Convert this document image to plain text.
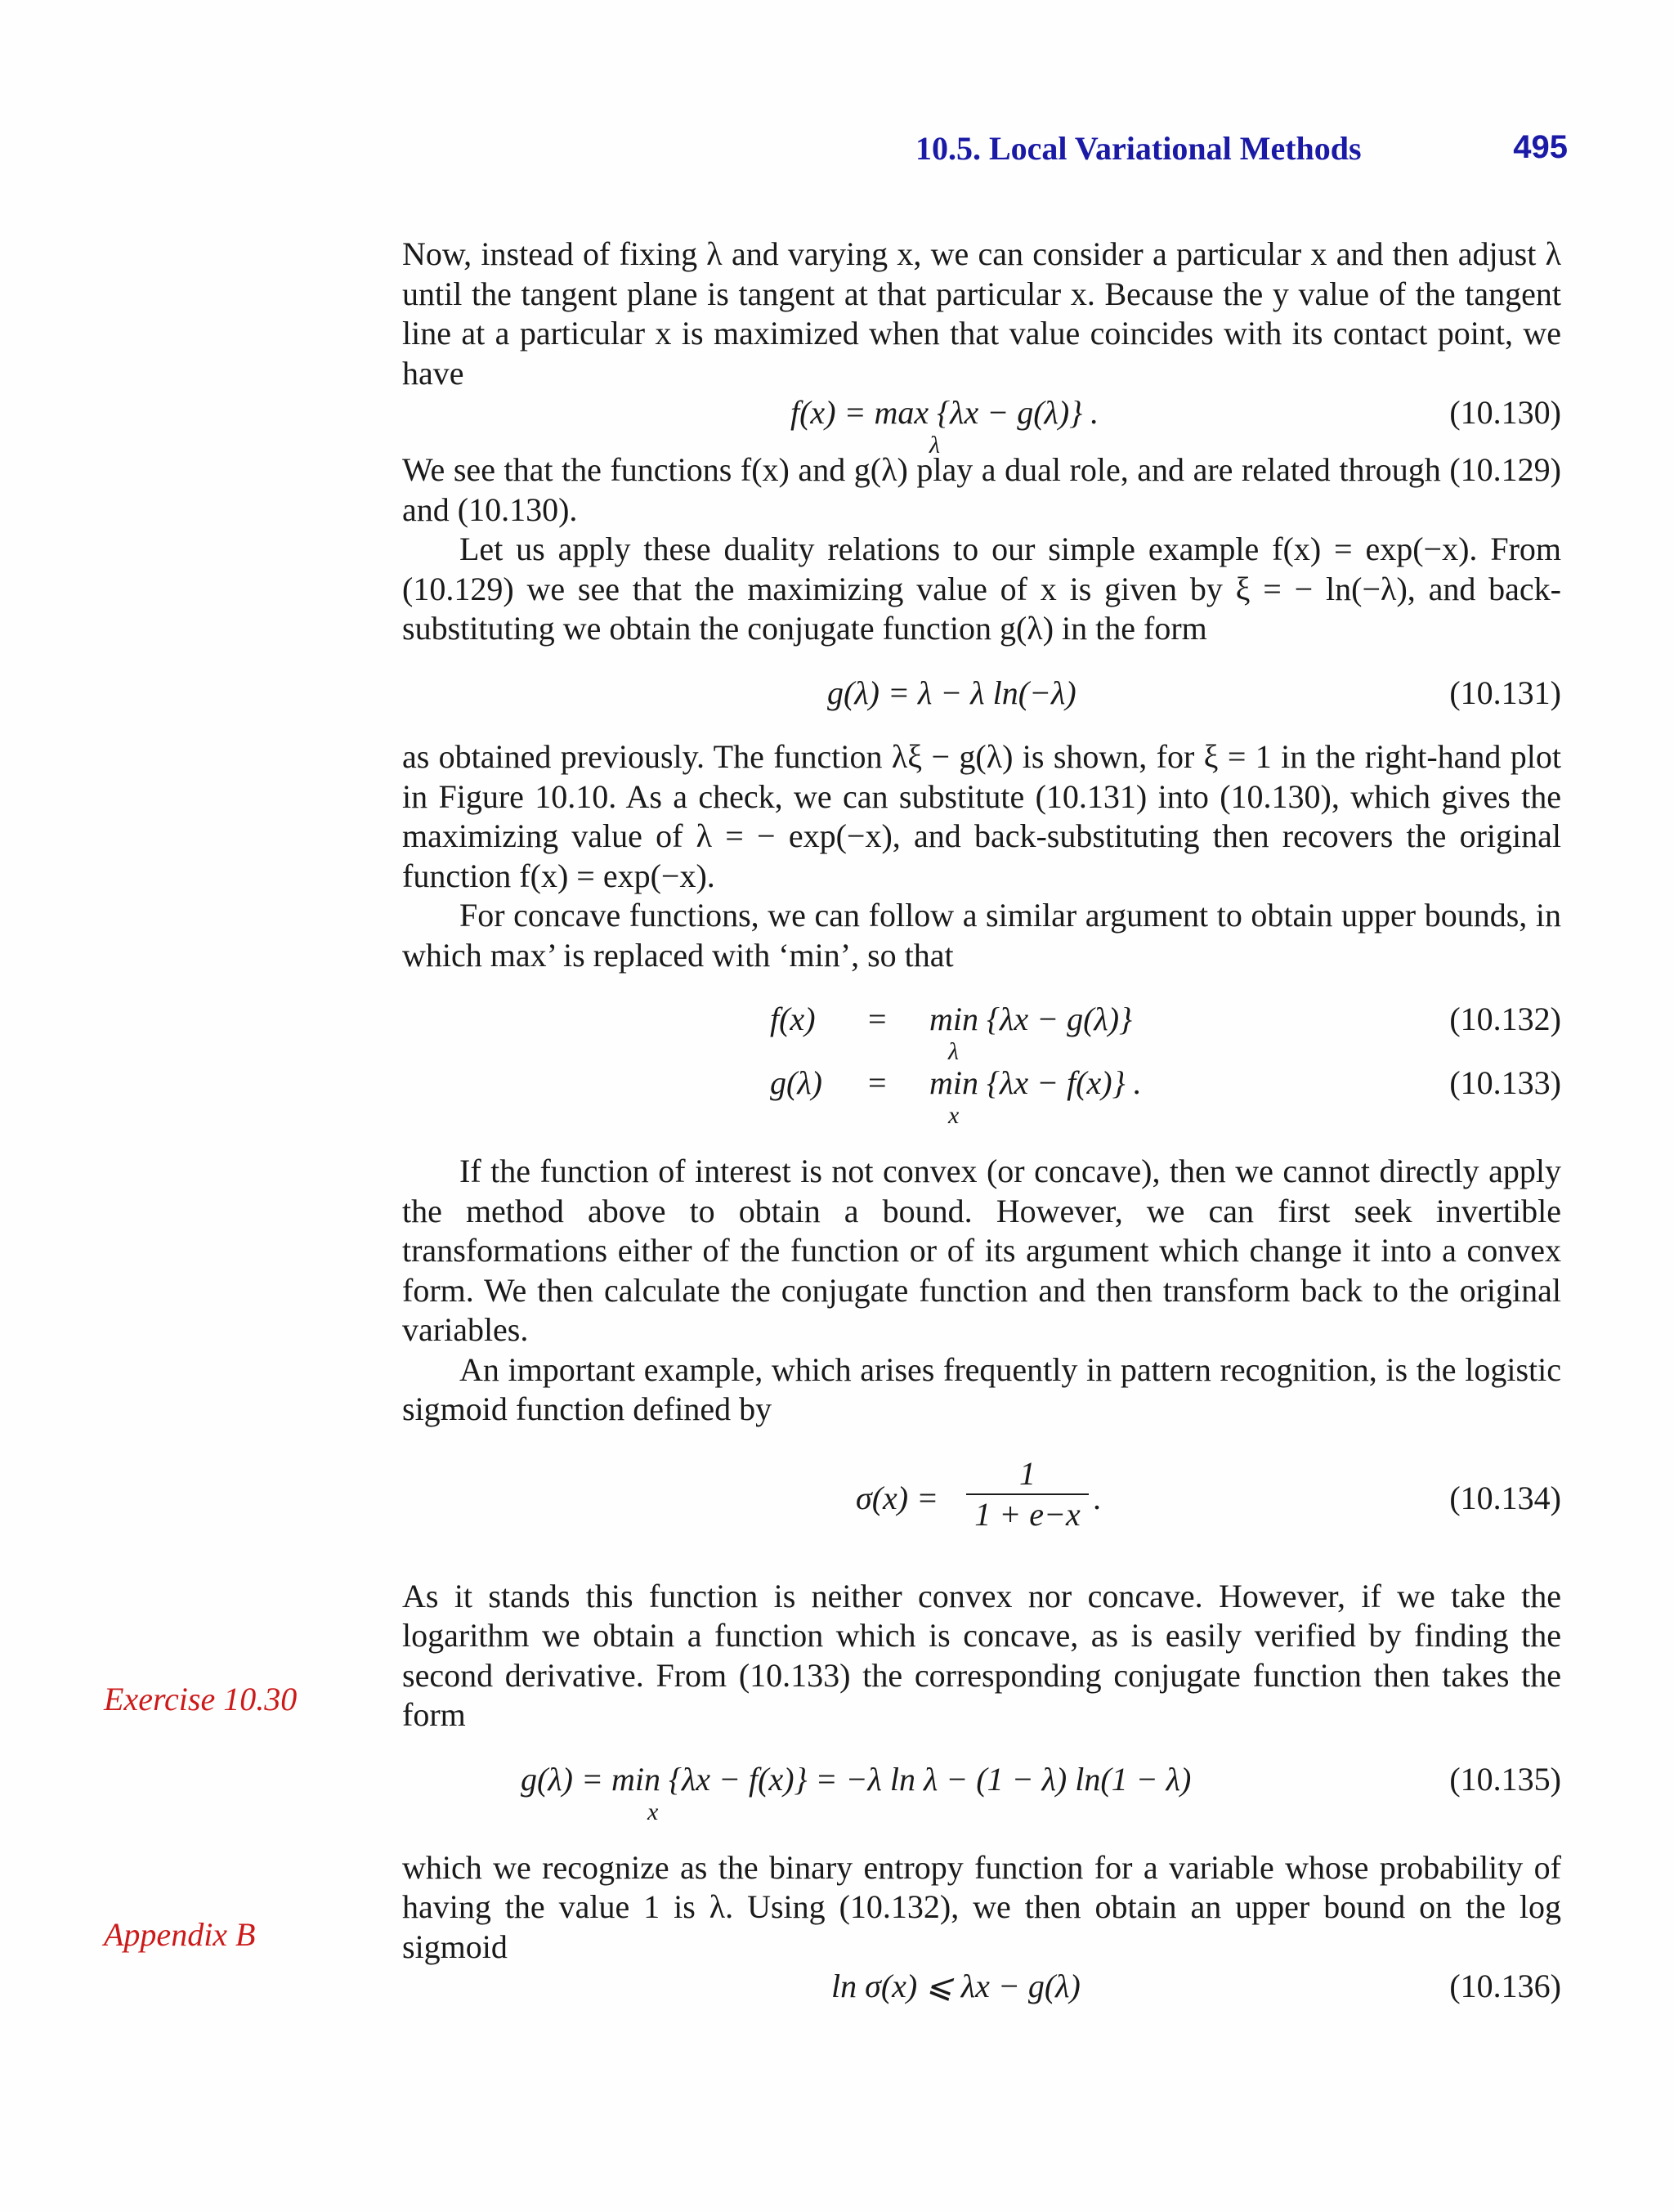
10.5. Local Variational Methods	495
Exercise 10.30
Appendix B

Now, instead of fixing λ and varying x, we can consider a particular x and then adjust λ until the tangent plane is tangent at that particular x. Because the y value of the tangent line at a particular x is maximized when that value coincides with its contact point, we have

f(x) = max {λx − g(λ)} .
λ
(10.130)

We see that the functions f(x) and g(λ) play a dual role, and are related through (10.129) and (10.130).

Let us apply these duality relations to our simple example f(x) = exp(−x). From (10.129) we see that the maximizing value of x is given by ξ = − ln(−λ), and back-substituting we obtain the conjugate function g(λ) in the form

g(λ) = λ − λ ln(−λ)	(10.131)

as obtained previously. The function λξ − g(λ) is shown, for ξ = 1 in the right-hand plot in Figure 10.10. As a check, we can substitute (10.131) into (10.130), which gives the maximizing value of λ = − exp(−x), and back-substituting then recovers the original function f(x) = exp(−x).

For concave functions, we can follow a similar argument to obtain upper bounds, in which max’ is replaced with ‘min’, so that

f(x) = min {λx − g(λ)}
λ
(10.132)
g(λ) = min {λx − f(x)} .
x
(10.133)

If the function of interest is not convex (or concave), then we cannot directly apply the method above to obtain a bound. However, we can first seek invertible transformations either of the function or of its argument which change it into a convex form. We then calculate the conjugate function and then transform back to the original variables.

An important example, which arises frequently in pattern recognition, is the logistic sigmoid function defined by

$\sigma(x) = \frac{1}{1 + e-x}$ .	(10.134)

As it stands this function is neither convex nor concave. However, if we take the logarithm we obtain a function which is concave, as is easily verified by finding the second derivative. From (10.133) the corresponding conjugate function then takes the form

g(λ) = min {λx − f(x)} = −λ ln λ − (1 − λ) ln(1 − λ)
x
(10.135)

which we recognize as the binary entropy function for a variable whose probability of having the value 1 is λ. Using (10.132), we then obtain an upper bound on the log sigmoid

ln σ(x) ⩽ λx − g(λ)	(10.136)
